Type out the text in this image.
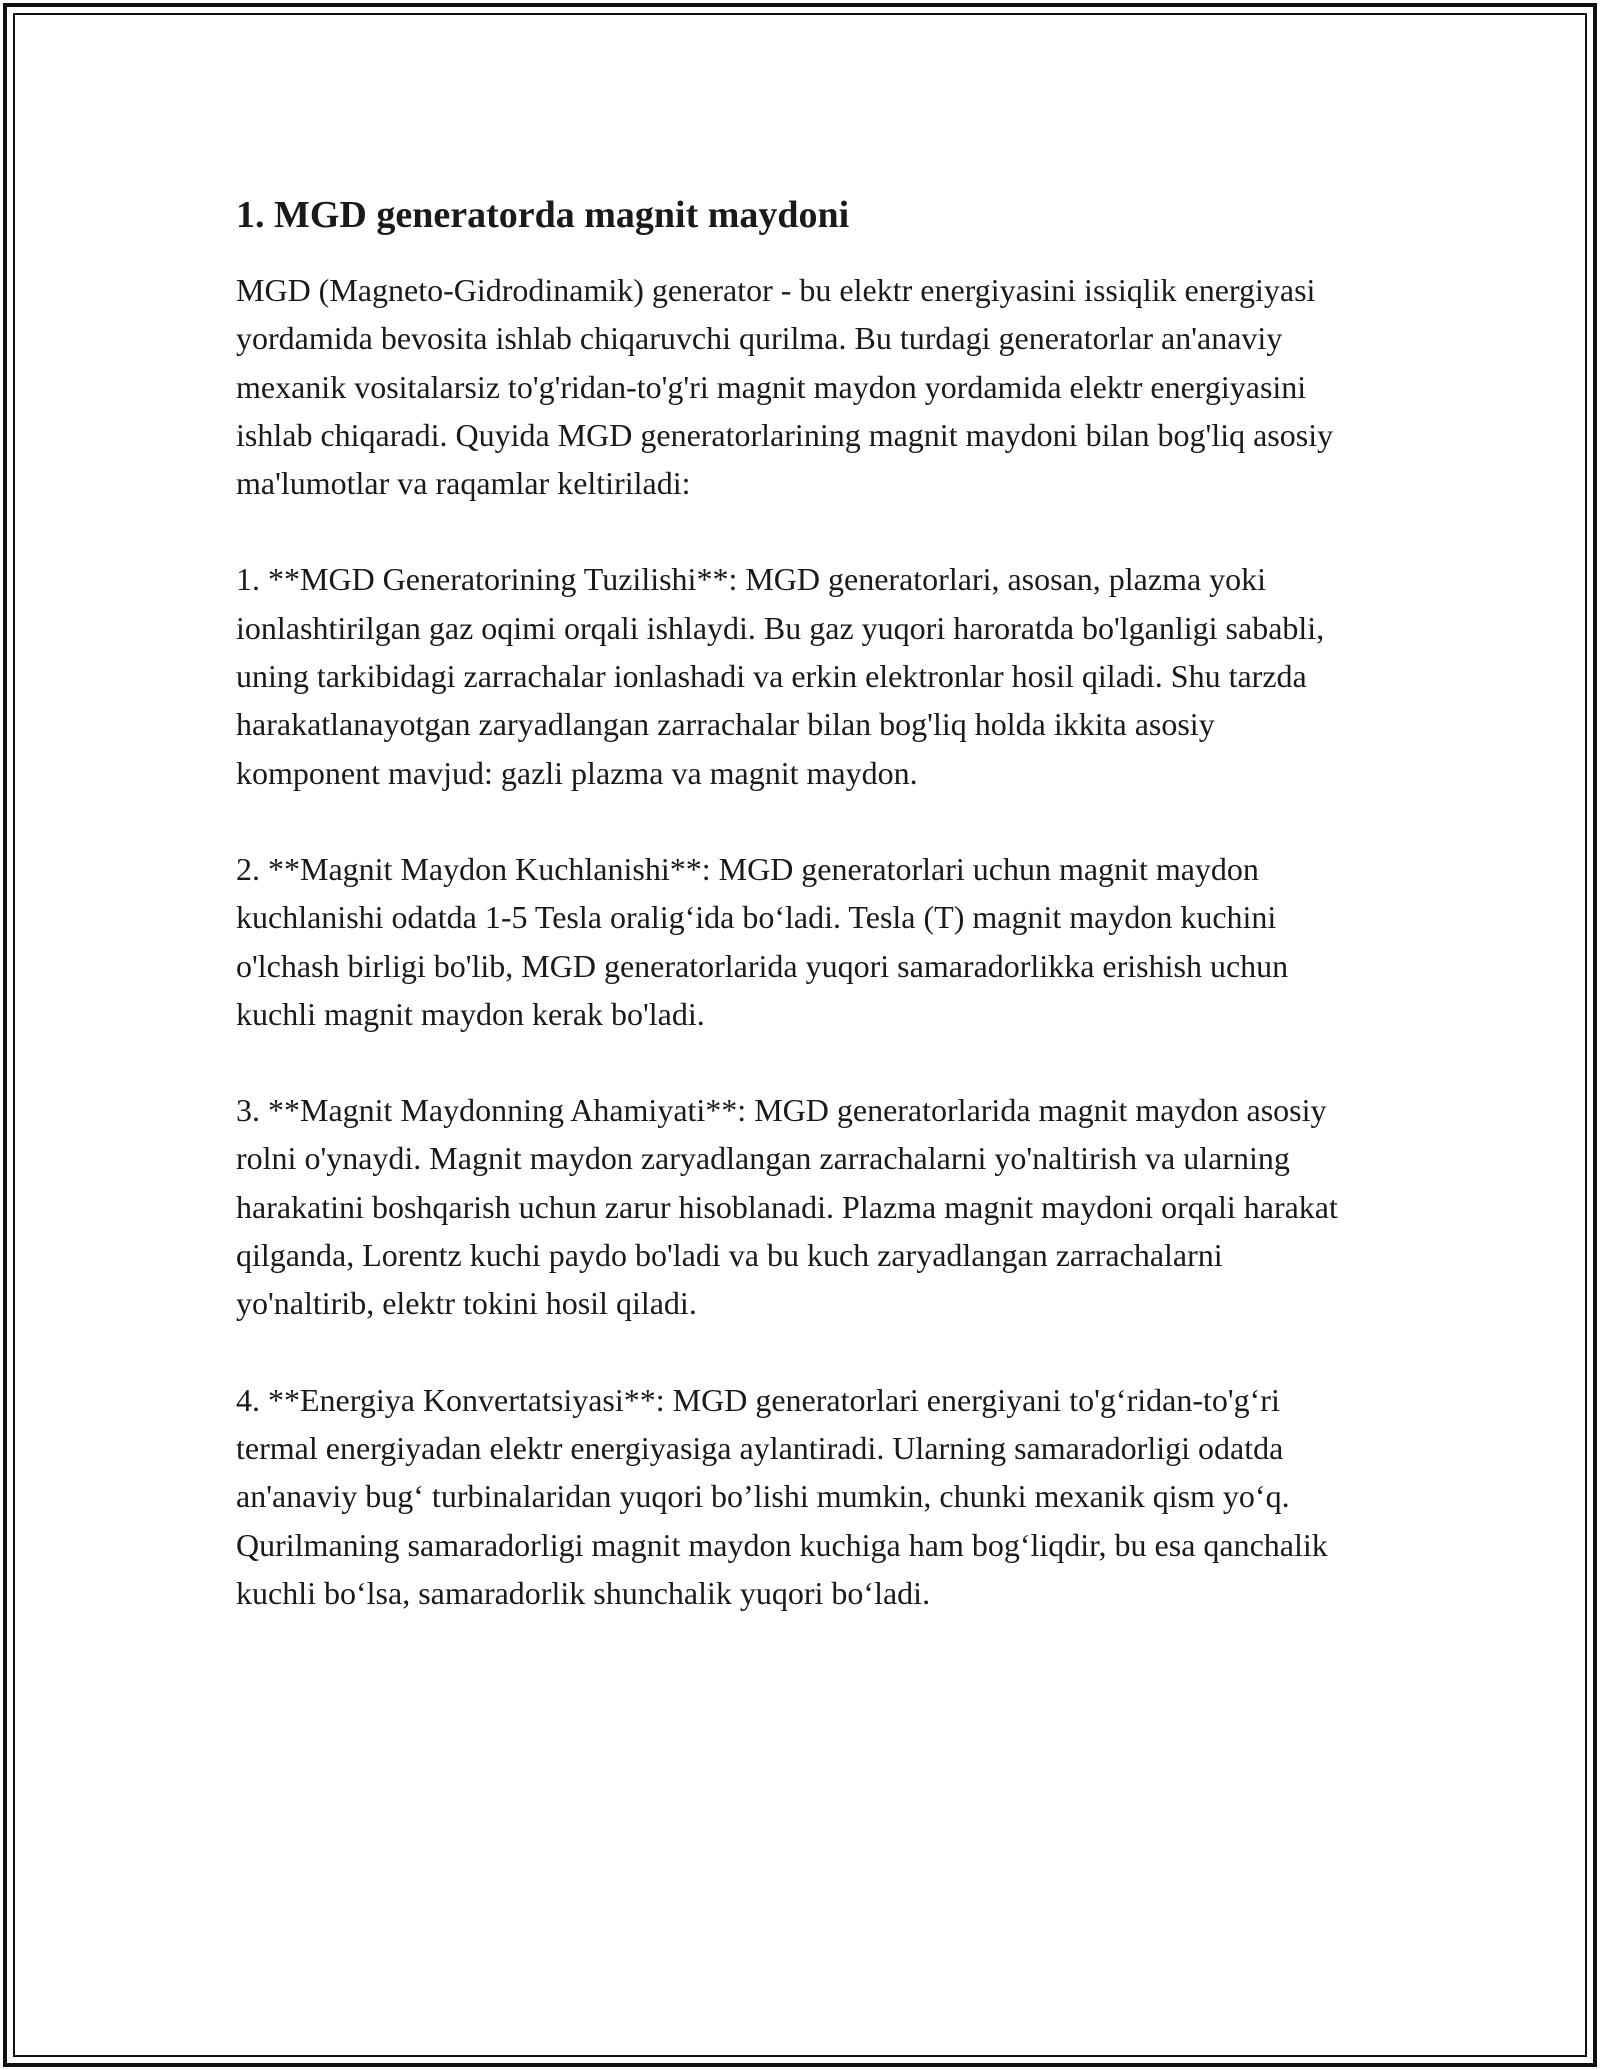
1. MGD generatorda magnit maydoni

MGD (Magneto-Gidrodinamik) generator - bu elektr energiyasini issiqlik energiyasi yordamida bevosita ishlab chiqaruvchi qurilma. Bu turdagi generatorlar an'anaviy mexanik vositalarsiz to'g'ridan-to'g'ri magnit maydon yordamida elektr energiyasini ishlab chiqaradi. Quyida MGD generatorlarining magnit maydoni bilan bog'liq asosiy ma'lumotlar va raqamlar keltiriladi:

1. **MGD Generatorining Tuzilishi**: MGD generatorlari, asosan, plazma yoki ionlashtirilgan gaz oqimi orqali ishlaydi. Bu gaz yuqori haroratda bo'lganligi sababli, uning tarkibidagi zarrachalar ionlashadi va erkin elektronlar hosil qiladi. Shu tarzda harakatlanayotgan zaryadlangan zarrachalar bilan bog'liq holda ikkita asosiy komponent mavjud: gazli plazma va magnit maydon.

2. **Magnit Maydon Kuchlanishi**: MGD generatorlari uchun magnit maydon kuchlanishi odatda 1-5 Tesla oralig‘ida bo‘ladi. Tesla (T) magnit maydon kuchini o'lchash birligi bo'lib, MGD generatorlarida yuqori samaradorlikka erishish uchun kuchli magnit maydon kerak bo'ladi.

3. **Magnit Maydonning Ahamiyati**: MGD generatorlarida magnit maydon asosiy rolni o'ynaydi. Magnit maydon zaryadlangan zarrachalarni yo'naltirish va ularning harakatini boshqarish uchun zarur hisoblanadi. Plazma magnit maydoni orqali harakat qilganda, Lorentz kuchi paydo bo'ladi va bu kuch zaryadlangan zarrachalarni yo'naltirib, elektr tokini hosil qiladi.

4. **Energiya Konvertatsiyasi**: MGD generatorlari energiyani to'g‘ridan-to'g‘ri termal energiyadan elektr energiyasiga aylantiradi. Ularning samaradorligi odatda an'anaviy bug‘ turbinalaridan yuqori bo’lishi mumkin, chunki mexanik qism yo‘q. Qurilmaning samaradorligi magnit maydon kuchiga ham bog‘liqdir, bu esa qanchalik kuchli bo‘lsa, samaradorlik shunchalik yuqori bo‘ladi.
